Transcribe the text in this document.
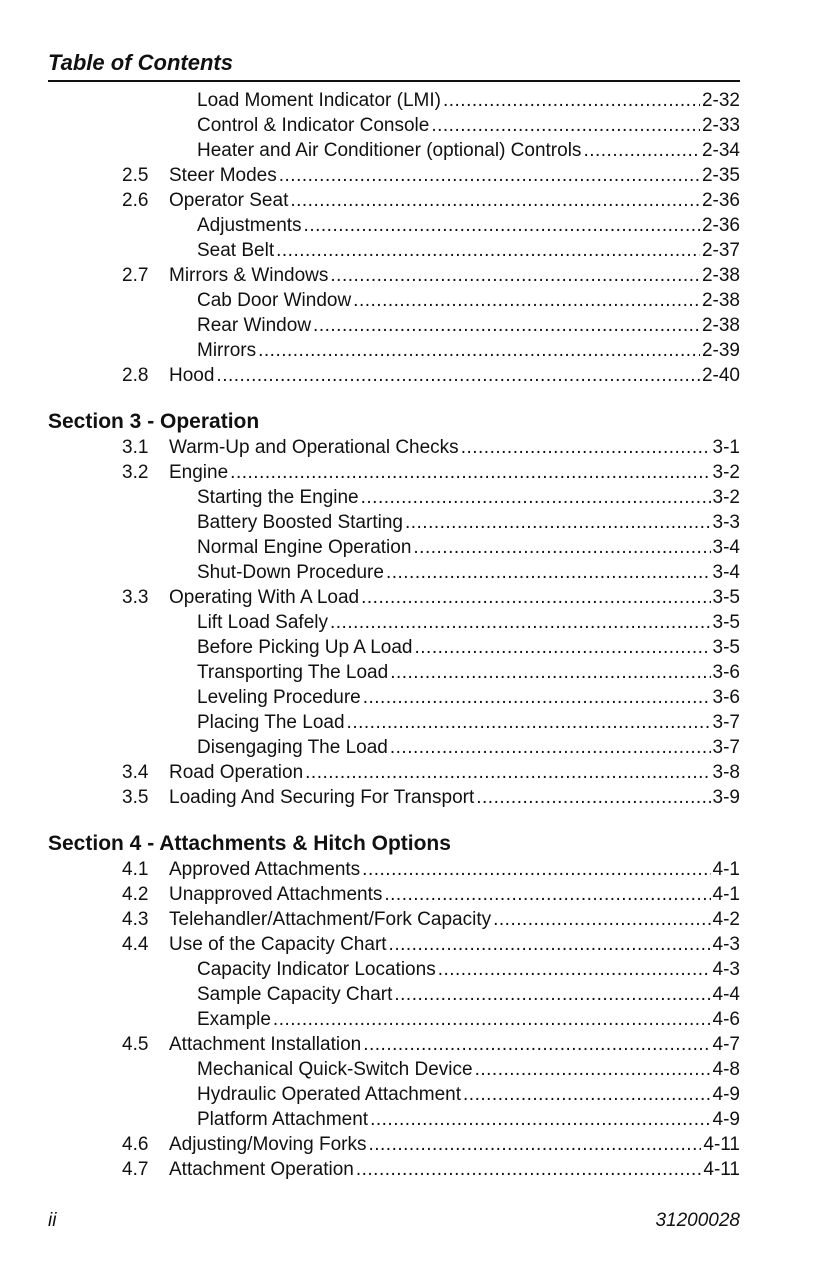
Table of Contents
Load Moment Indicator (LMI) .....	2-32
Control & Indicator Console .....	2-33
Heater and Air Conditioner (optional) Controls .....	2-34
2.5 Steer Modes .....	2-35
2.6 Operator Seat .....	2-36
Adjustments .....	2-36
Seat Belt .....	2-37
2.7 Mirrors & Windows .....	2-38
Cab Door Window .....	2-38
Rear Window .....	2-38
Mirrors .....	2-39
2.8 Hood .....	2-40
Section 3 - Operation
3.1 Warm-Up and Operational Checks .....	3-1
3.2 Engine .....	3-2
Starting the Engine .....	3-2
Battery Boosted Starting .....	3-3
Normal Engine Operation .....	3-4
Shut-Down Procedure .....	3-4
3.3 Operating With A Load .....	3-5
Lift Load Safely .....	3-5
Before Picking Up A Load .....	3-5
Transporting The Load .....	3-6
Leveling Procedure .....	3-6
Placing The Load .....	3-7
Disengaging The Load .....	3-7
3.4 Road Operation .....	3-8
3.5 Loading And Securing For Transport .....	3-9
Section 4 - Attachments & Hitch Options
4.1 Approved Attachments .....	4-1
4.2 Unapproved Attachments .....	4-1
4.3 Telehandler/Attachment/Fork Capacity .....	4-2
4.4 Use of the Capacity Chart .....	4-3
Capacity Indicator Locations .....	4-3
Sample Capacity Chart .....	4-4
Example .....	4-6
4.5 Attachment Installation .....	4-7
Mechanical Quick-Switch Device .....	4-8
Hydraulic Operated Attachment .....	4-9
Platform Attachment .....	4-9
4.6 Adjusting/Moving Forks .....	4-11
4.7 Attachment Operation .....	4-11
ii	31200028
